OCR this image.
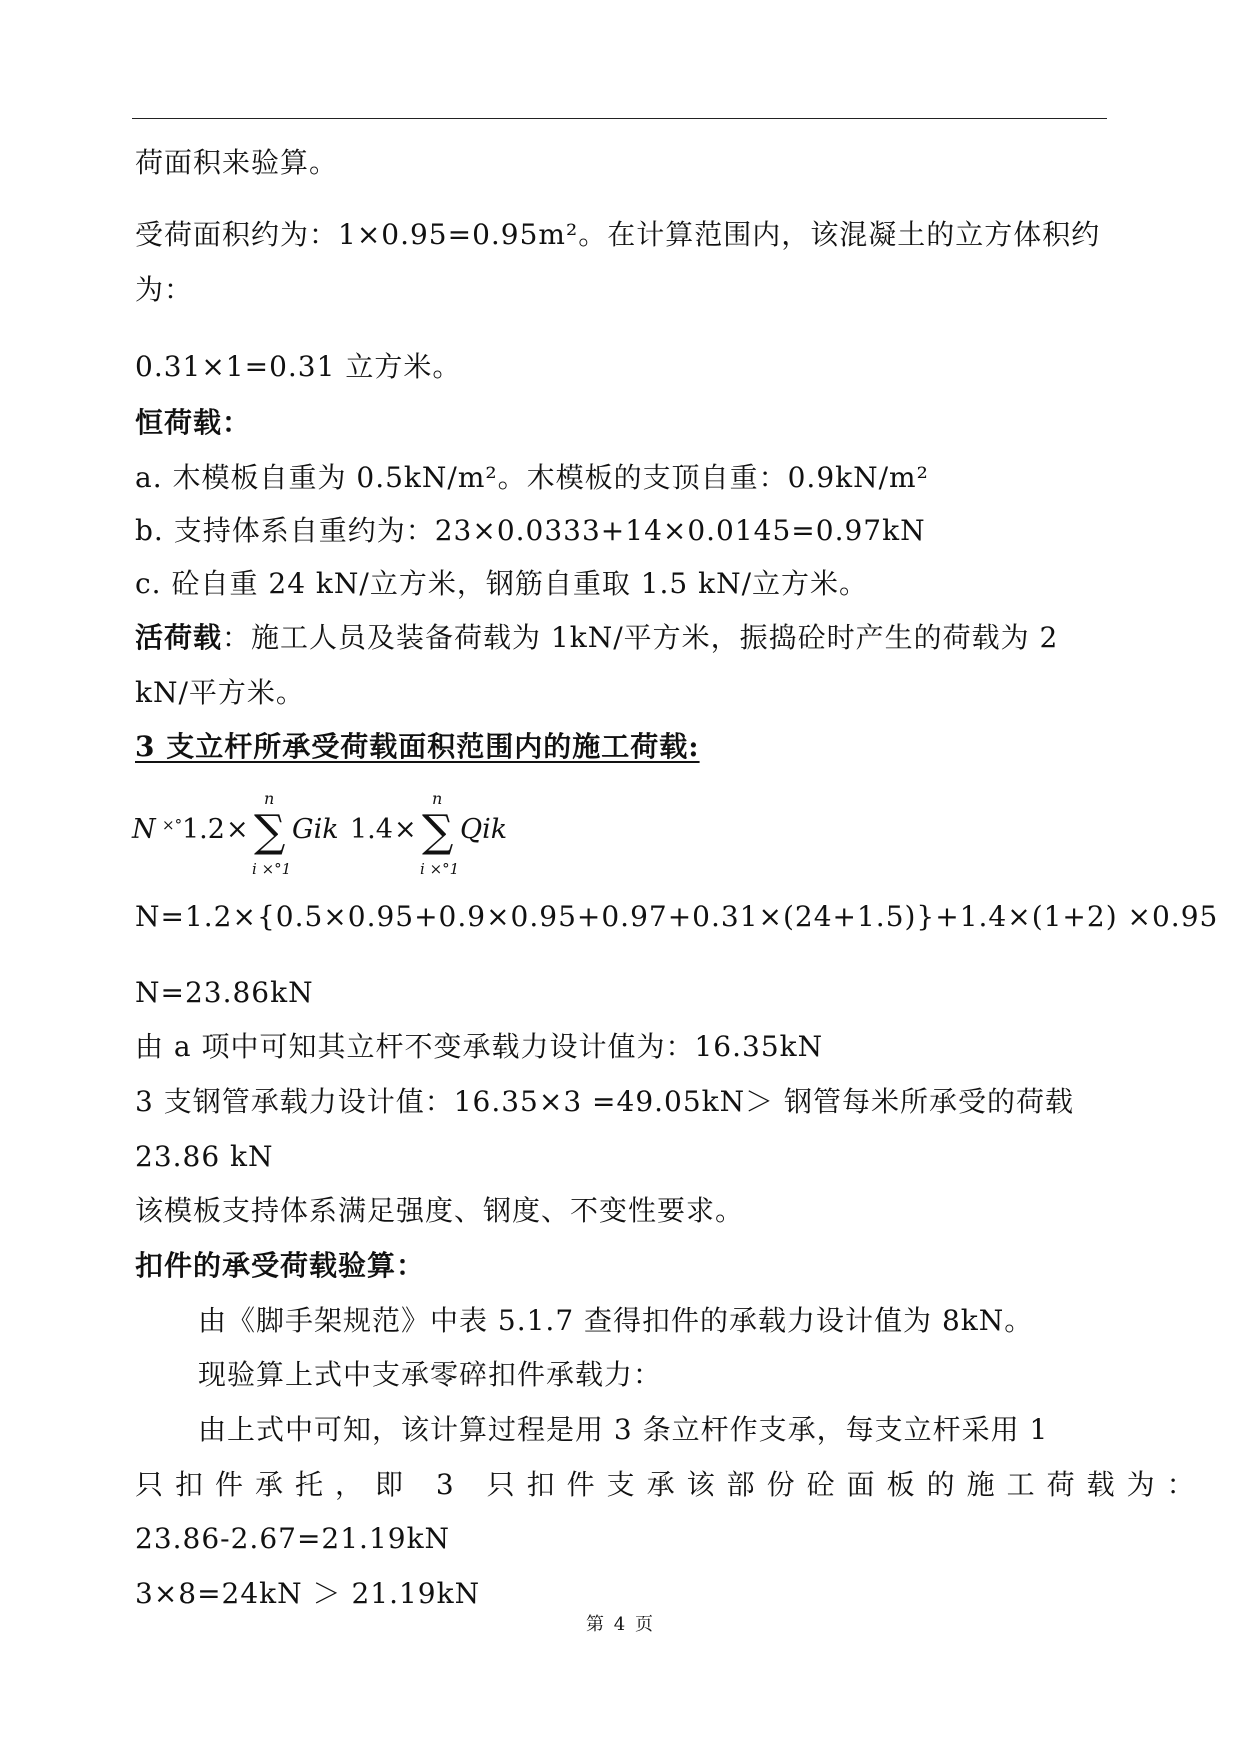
荷面积来验算。
受荷面积约为：1×0.95=0.95m²。在计算范围内，该混凝土的立方体积约
为：
0.31×1=0.31 立方米。
恒荷载：
a. 木模板自重为 0.5kN/m²。木模板的支顶自重：0.9kN/m²
b. 支持体系自重约为：23×0.0333+14×0.0145=0.97kN
c. 砼自重 24 kN/立方米，钢筋自重取 1.5 kN/立方米。
活荷载：施工人员及装备荷载为 1kN/平方米，振捣砼时产生的荷载为 2
kN/平方米。
3 支立杆所承受荷载面积范围内的施工荷载:
N ×° 1.2 × ∑
n
i ×°1
Gik 1.4 × ∑
n
i ×°1
Qik
N=1.2×{0.5×0.95+0.9×0.95+0.97+0.31×(24+1.5)}+1.4×(1+2) ×0.95
N=23.86kN
由 a 项中可知其立杆不变承载力设计值为：16.35kN
3 支钢管承载力设计值：16.35×3 =49.05kN＞ 钢管每米所承受的荷载
23.86 kN
该模板支持体系满足强度、钢度、不变性要求。
扣件的承受荷载验算：
由《脚手架规范》中表 5.1.7 查得扣件的承载力设计值为 8kN。
现验算上式中支承零碎扣件承载力：
由上式中可知，该计算过程是用 3 条立杆作支承，每支立杆采用 1
只扣件承托，即 3 只扣件支承该部份砼面板的施工荷载为：
23.86-2.67=21.19kN
3×8=24kN ＞ 21.19kN
第 4 页
